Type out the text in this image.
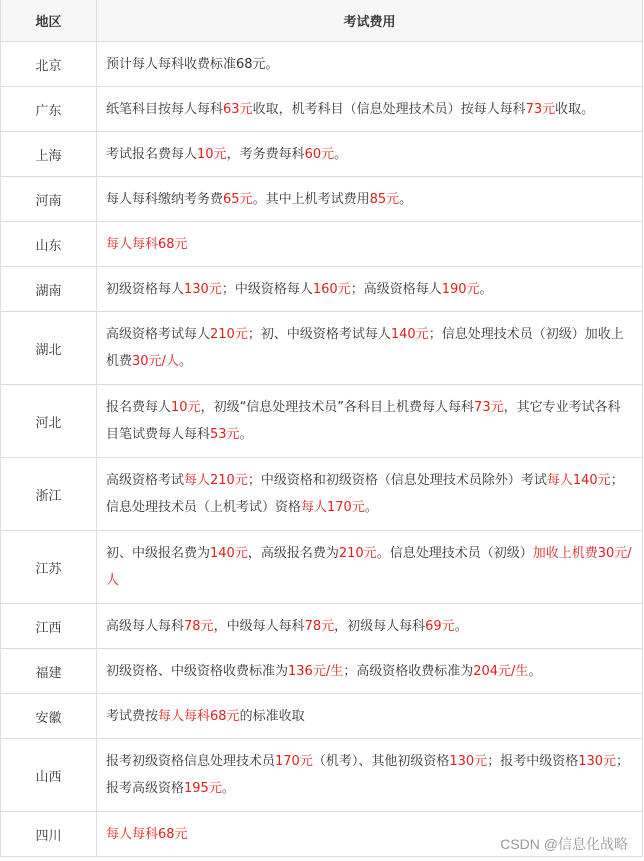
地区	考试费用
北京	预计每人每科收费标准68元。
广东	纸笔科目按每人每科63元收取，机考科目（信息处理技术员）按每人每科73元收取。
上海	考试报名费每人10元，考务费每科60元。
河南	每人每科缴纳考务费65元。其中上机考试费用85元。
山东	每人每科68元
湖南	初级资格每人130元；中级资格每人160元；高级资格每人190元。
湖北	高级资格考试每人210元；初、中级资格考试每人140元；信息处理技术员（初级）加收上机费30元/人。
河北	报名费每人10元，初级“信息处理技术员”各科目上机费每人每科73元，其它专业考试各科目笔试费每人每科53元。
浙江	高级资格考试每人210元；中级资格和初级资格（信息处理技术员除外）考试每人140元；信息处理技术员（上机考试）资格每人170元。
江苏	初、中级报名费为140元，高级报名费为210元。信息处理技术员（初级）加收上机费30元/人
江西	高级每人每科78元，中级每人每科78元，初级每人每科69元。
福建	初级资格、中级资格收费标准为136元/生；高级资格收费标准为204元/生。
安徽	考试费按每人每科68元的标准收取
山西	报考初级资格信息处理技术员170元（机考）、其他初级资格130元；报考中级资格130元；报考高级资格195元。
四川	每人每科68元
CSDN @信息化战略
